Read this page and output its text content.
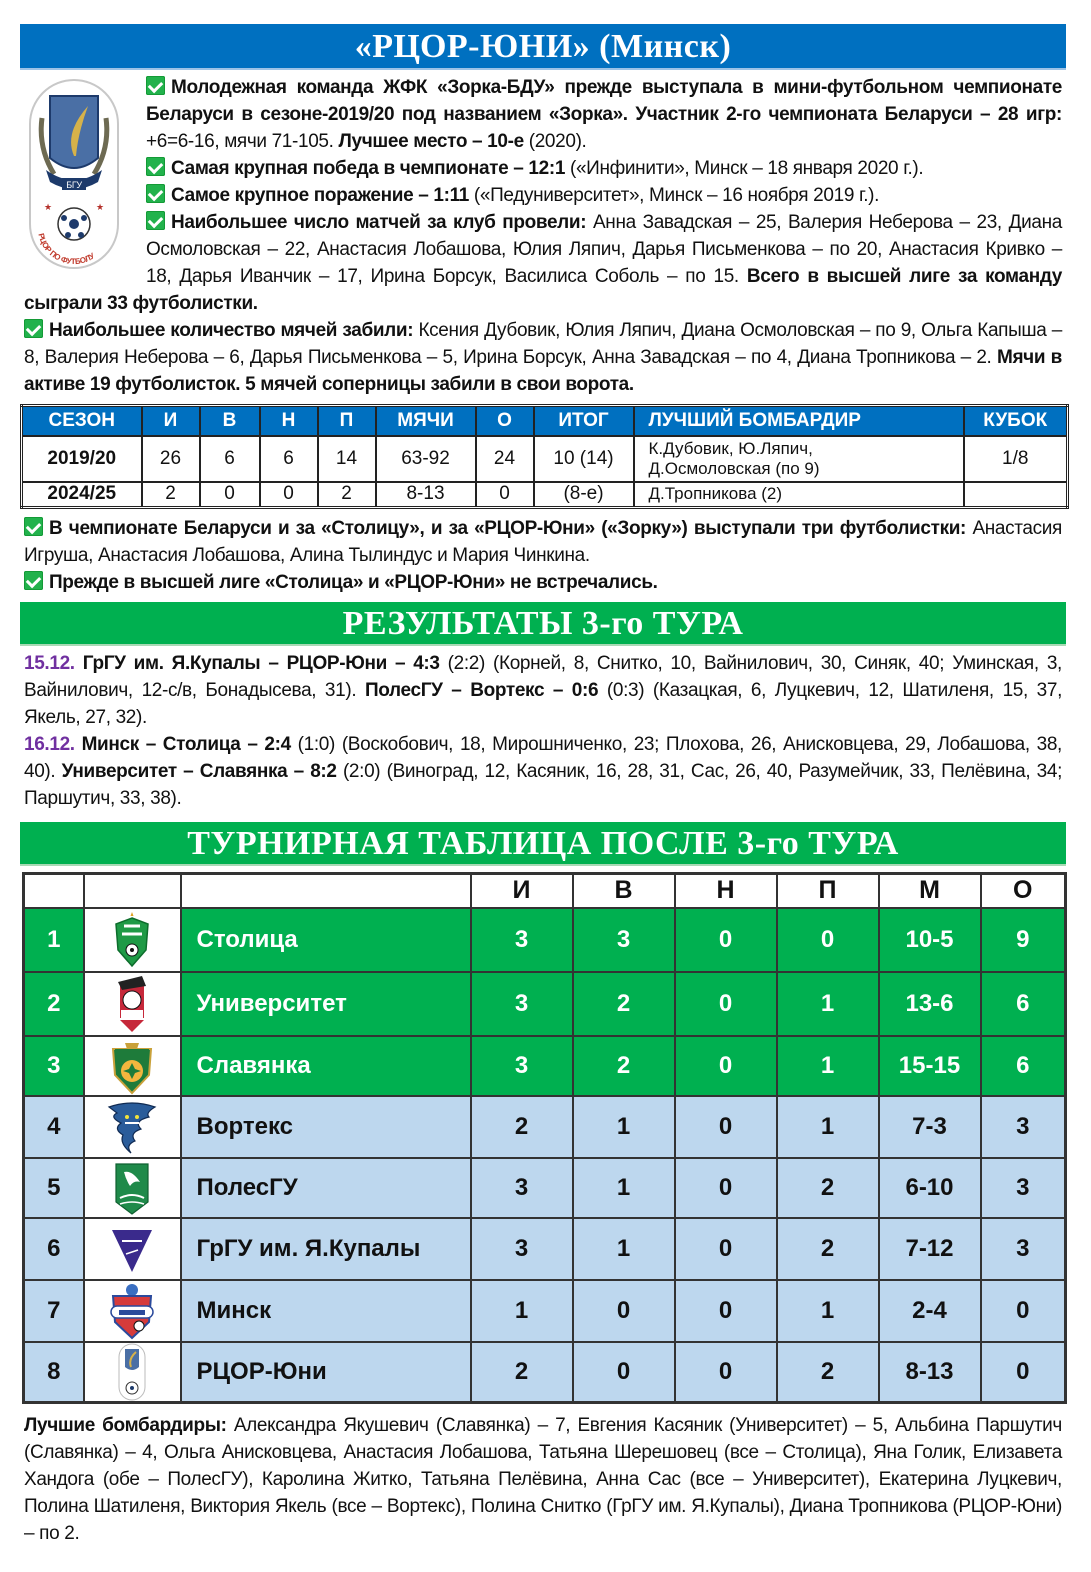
«РЦОР-ЮНИ» (Минск)
БГУ
★	★
РЦОР ПО ФУТБОЛУ
Молодежная команда ЖФК «Зорка-БДУ» прежде выступала в мини-футбольном чемпионате Беларуси в сезоне-2019/20 под названием «Зорка». Участник 2-го чемпионата Беларуси – 28 игр: +6=6-16, мячи 71-105. Лучшее место – 10-е (2020).
Самая крупная победа в чемпионате – 12:1 («Инфинити», Минск – 18 января 2020 г.).
Самое крупное поражение – 1:11 («Педуниверситет», Минск – 16 ноября 2019 г.).
Наибольшее число матчей за клуб провели: Анна Завадская – 25, Валерия Неберова – 23, Диана Осмоловская – 22, Анастасия Лобашова, Юлия Ляпич, Дарья Письменкова – по 20, Анастасия Кривко – 18, Дарья Иванчик – 17, Ирина Борсук, Василиса Соболь – по 15. Всего в высшей лиге за команду сыграли 33 футболистки.
Наибольшее количество мячей забили: Ксения Дубовик, Юлия Ляпич, Диана Осмоловская – по 9, Ольга Капыша – 8, Валерия Неберова – 6, Дарья Письменкова – 5, Ирина Борсук, Анна Завадская – по 4, Диана Тропникова – 2. Мячи в активе 19 футболисток. 5 мячей соперницы забили в свои ворота.
СЕЗОН	И	В	Н	П	МЯЧИ	О	ИТОГ	ЛУЧШИЙ БОМБАРДИР	КУБОК
2019/20	26	6	6	14	63-92	24	10 (14)	К.Дубовик, Ю.Ляпич,
Д.Осмоловская (по 9)	1/8
2024/25	2	0	0	2	8-13	0	(8-е)	Д.Тропникова (2)	

В чемпионате Беларуси и за «Столицу», и за «РЦОР-Юни» («Зорку») выступали три футболистки: Анастасия Игруша, Анастасия Лобашова, Алина Тылиндус и Мария Чинкина.
Прежде в высшей лиге «Столица» и «РЦОР-Юни» не встречались.
РЕЗУЛЬТАТЫ 3-го ТУРА
15.12. ГрГУ им. Я.Купалы – РЦОР-Юни – 4:3 (2:2) (Корней, 8, Снитко, 10, Вайнилович, 30, Синяк, 40; Уминская, 3, Вайнилович, 12-с/в, Бонадысева, 31). ПолесГУ – Вортекс – 0:6 (0:3) (Казацкая, 6, Луцкевич, 12, Шатиленя, 15, 37, Якель, 27, 32).
16.12. Минск – Столица – 2:4 (1:0) (Воскобович, 18, Мирошниченко, 23; Плохова, 26, Анисковцева, 29, Лобашова, 38, 40). Университет – Славянка – 8:2 (2:0) (Виноград, 12, Касяник, 16, 28, 31, Сас, 26, 40, Разумейчик, 33, Пелёвина, 34; Паршутич, 33, 38).
ТУРНИРНАЯ ТАБЛИЦА ПОСЛЕ 3-го ТУРА
			И	В	Н	П	М	О
1		Столица	3	3	0	0	10-5	9
2		Университет	3	2	0	1	13-6	6
3		Славянка	3	2	0	1	15-15	6
4		Вортекс	2	1	0	1	7-3	3
5		ПолесГУ	3	1	0	2	6-10	3
6		ГрГУ им. Я.Купалы	3	1	0	2	7-12	3
7		Минск	1	0	0	1	2-4	0
8		РЦОР-Юни	2	0	0	2	8-13	0
Лучшие бомбардиры: Александра Якушевич (Славянка) – 7, Евгения Касяник (Университет) – 5, Альбина Паршутич (Славянка) – 4, Ольга Анисковцева, Анастасия Лобашова, Татьяна Шерешовец (все – Столица), Яна Голик, Елизавета Хандога (обе – ПолесГУ), Каролина Житко, Татьяна Пелёвина, Анна Сас (все – Университет), Екатерина Луцкевич, Полина Шатиленя, Виктория Якель (все – Вортекс), Полина Снитко (ГрГУ им. Я.Купалы), Диана Тропникова (РЦОР-Юни) – по 2.
